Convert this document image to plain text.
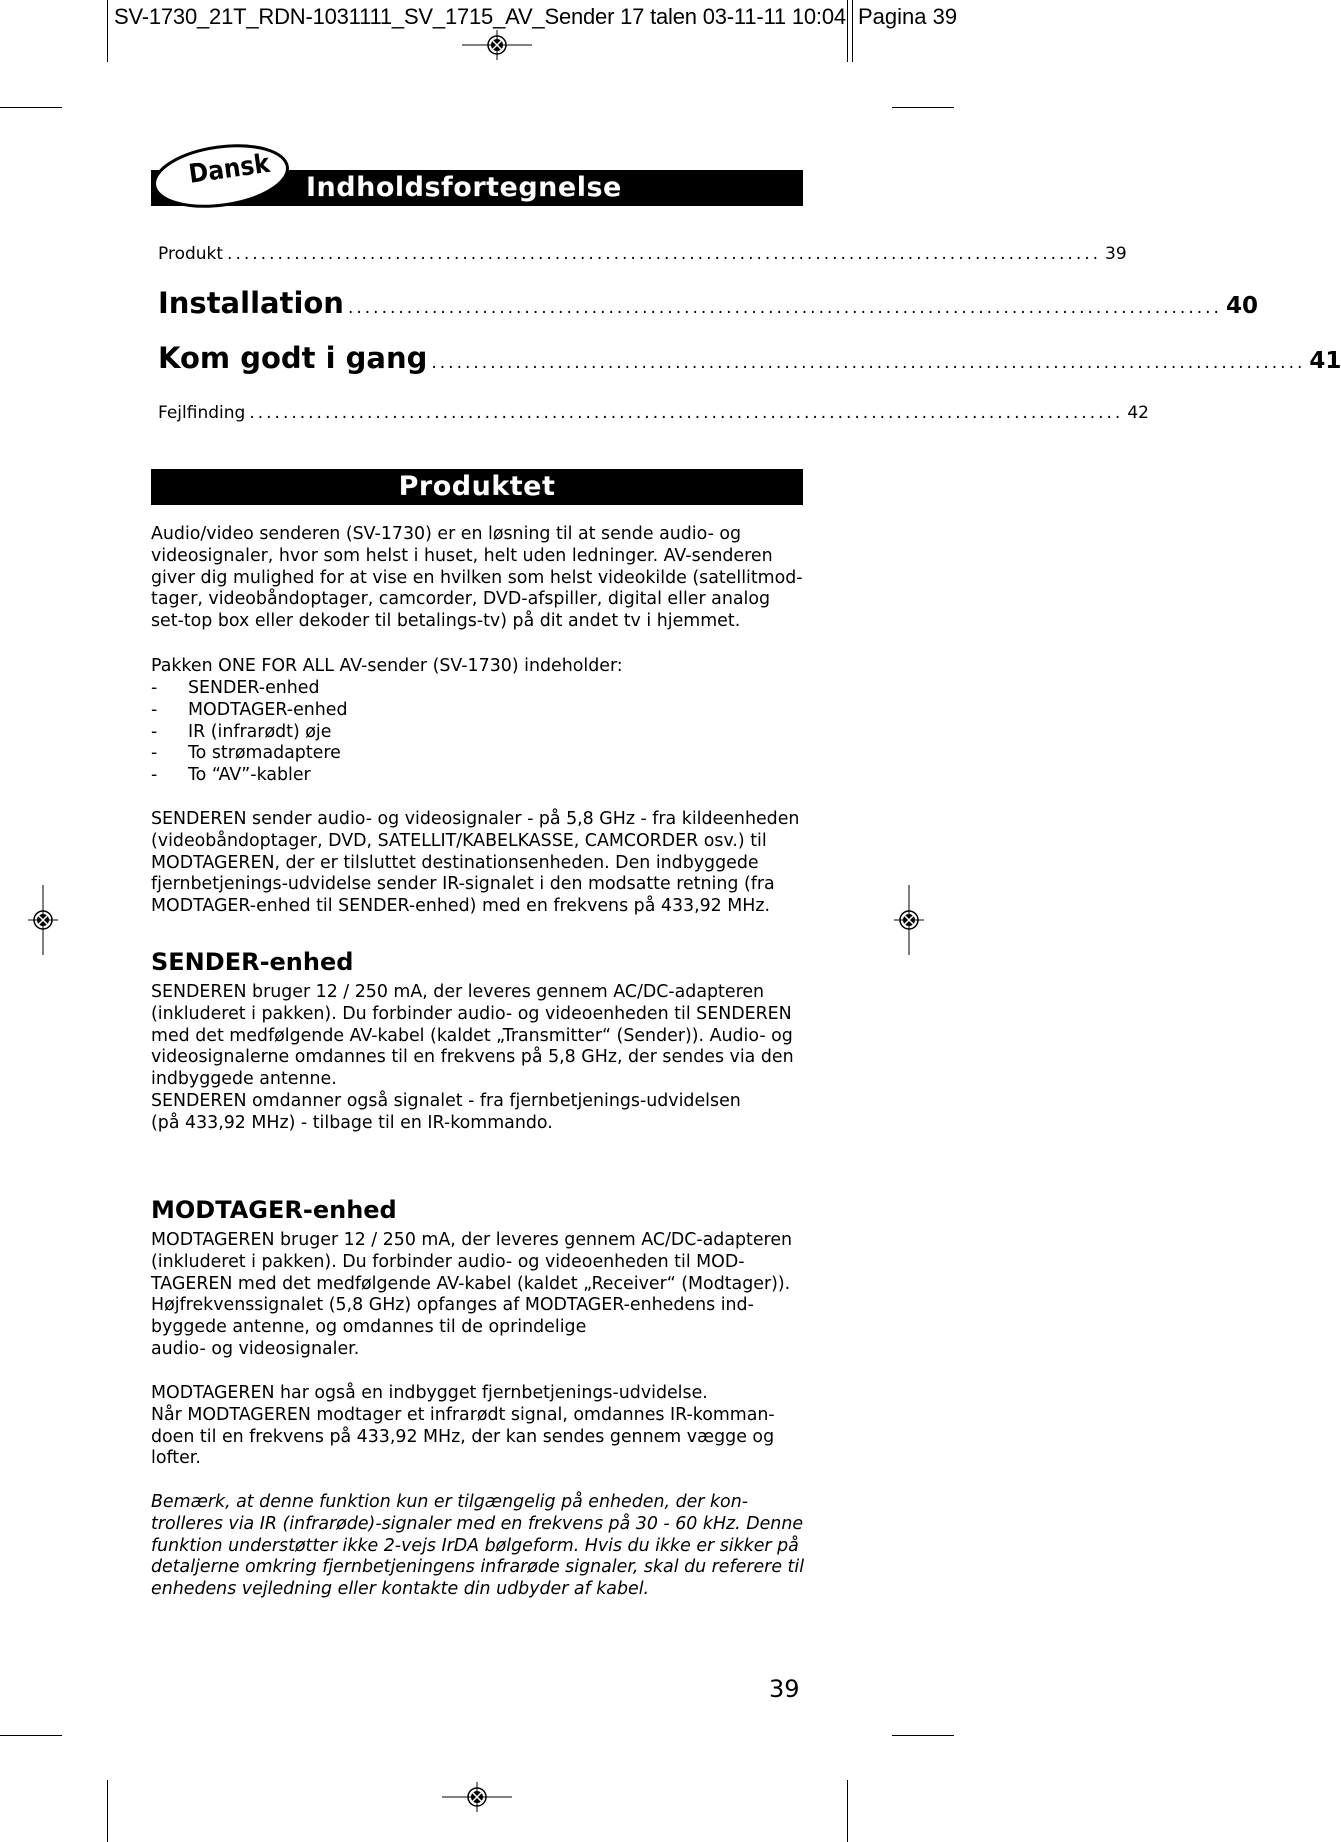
SV-1730_21T_RDN-1031111_SV_1715_AV_Sender 17 talen 03-11-11 10:04 Pagina 39
Indholdsfortegnelse
Dansk
Produkt ........................................................................................................ 39
Installation ........................................................................................................ 40
Kom godt i gang ........................................................................................................ 41
Fejlfinding ........................................................................................................ 42
Produktet
Audio/video senderen (SV-1730) er en løsning til at sende audio- og
videosignaler, hvor som helst i huset, helt uden ledninger. AV-senderen
giver dig mulighed for at vise en hvilken som helst videokilde (satellitmod-
tager, videobåndoptager, camcorder, DVD-afspiller, digital eller analog
set-top box eller dekoder til betalings-tv) på dit andet tv i hjemmet.
Pakken ONE FOR ALL AV-sender (SV-1730) indeholder:
- SENDER-enhed
- MODTAGER-enhed
- IR (infrarødt) øje
- To strømadaptere
- To “AV”-kabler
SENDEREN sender audio- og videosignaler - på 5,8 GHz - fra kildeenheden
(videobåndoptager, DVD, SATELLIT/KABELKASSE, CAMCORDER osv.) til
MODTAGEREN, der er tilsluttet destinationsenheden. Den indbyggede
fjernbetjenings-udvidelse sender IR-signalet i den modsatte retning (fra
MODTAGER-enhed til SENDER-enhed) med en frekvens på 433,92 MHz.
SENDER-enhed
SENDEREN bruger 12 / 250 mA, der leveres gennem AC/DC-adapteren
(inkluderet i pakken). Du forbinder audio- og videoenheden til SENDEREN
med det medfølgende AV-kabel (kaldet „Transmitter“ (Sender)). Audio- og
videosignalerne omdannes til en frekvens på 5,8 GHz, der sendes via den
indbyggede antenne.
SENDEREN omdanner også signalet - fra fjernbetjenings-udvidelsen
(på 433,92 MHz) - tilbage til en IR-kommando.
MODTAGER-enhed
MODTAGEREN bruger 12 / 250 mA, der leveres gennem AC/DC-adapteren
(inkluderet i pakken). Du forbinder audio- og videoenheden til MOD-
TAGEREN med det medfølgende AV-kabel (kaldet „Receiver“ (Modtager)).
Højfrekvenssignalet (5,8 GHz) opfanges af MODTAGER-enhedens ind-
byggede antenne, og omdannes til de oprindelige
audio- og videosignaler.
MODTAGEREN har også en indbygget fjernbetjenings-udvidelse.
Når MODTAGEREN modtager et infrarødt signal, omdannes IR-komman-
doen til en frekvens på 433,92 MHz, der kan sendes gennem vægge og
lofter.
Bemærk, at denne funktion kun er tilgængelig på enheden, der kon-
trolleres via IR (infrarøde)-signaler med en frekvens på 30 - 60 kHz. Denne
funktion understøtter ikke 2-vejs IrDA bølgeform. Hvis du ikke er sikker på
detaljerne omkring fjernbetjeningens infrarøde signaler, skal du referere til
enhedens vejledning eller kontakte din udbyder af kabel.
39
